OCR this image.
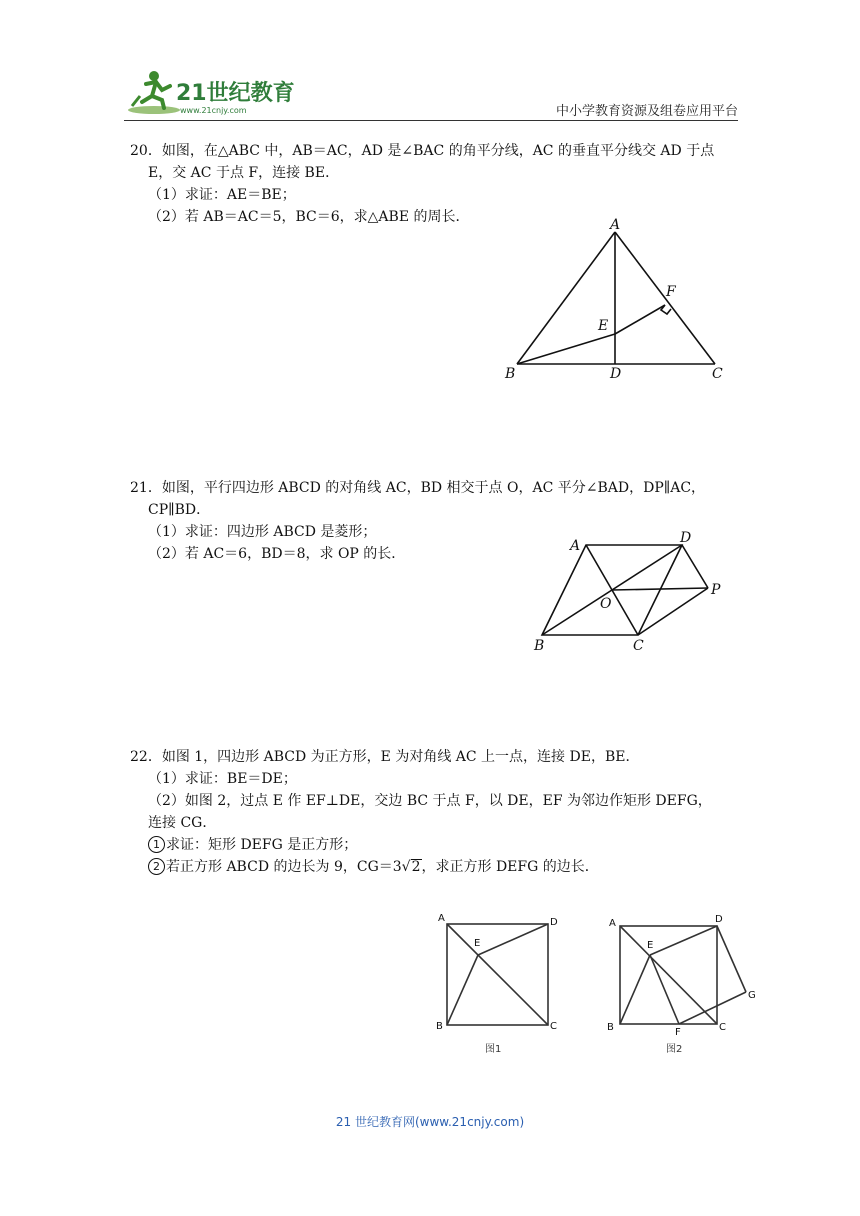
21世纪教育
www.21cnjy.com	中小学教育资源及组卷应用平台

20．如图，在△ABC 中，AB＝AC，AD 是∠BAC 的角平分线，AC 的垂直平分线交 AD 于点

E，交 AC 于点 F，连接 BE．

（1）求证：AE＝BE；

（2）若 AB＝AC＝5，BC＝6，求△ABE 的周长．	A
B	D	C
E
F

21．如图，平行四边形 ABCD 的对角线 AC，BD 相交于点 O，AC 平分∠BAD，DP∥AC，

CP∥BD．

（1）求证：四边形 ABCD 是菱形；

（2）若 AC＝6，BD＝8，求 OP 的长．	A	D
O
P
B	C

22．如图 1，四边形 ABCD 为正方形，E 为对角线 AC 上一点，连接 DE，BE．

（1）求证：BE＝DE；

（2）如图 2，过点 E 作 EF⊥DE，交边 BC 于点 F，以 DE，EF 为邻边作矩形 DEFG，

连接 CG．

1 求证：矩形 DEFG 是正方形；

2 若正方形 ABCD 的边长为 9，CG＝3√2，求正方形 DEFG 的边长．

A	D
E
B	C
图1
A	D
E
G
B	F	C
图2
21 世纪教育网(www.21cnjy.com)
